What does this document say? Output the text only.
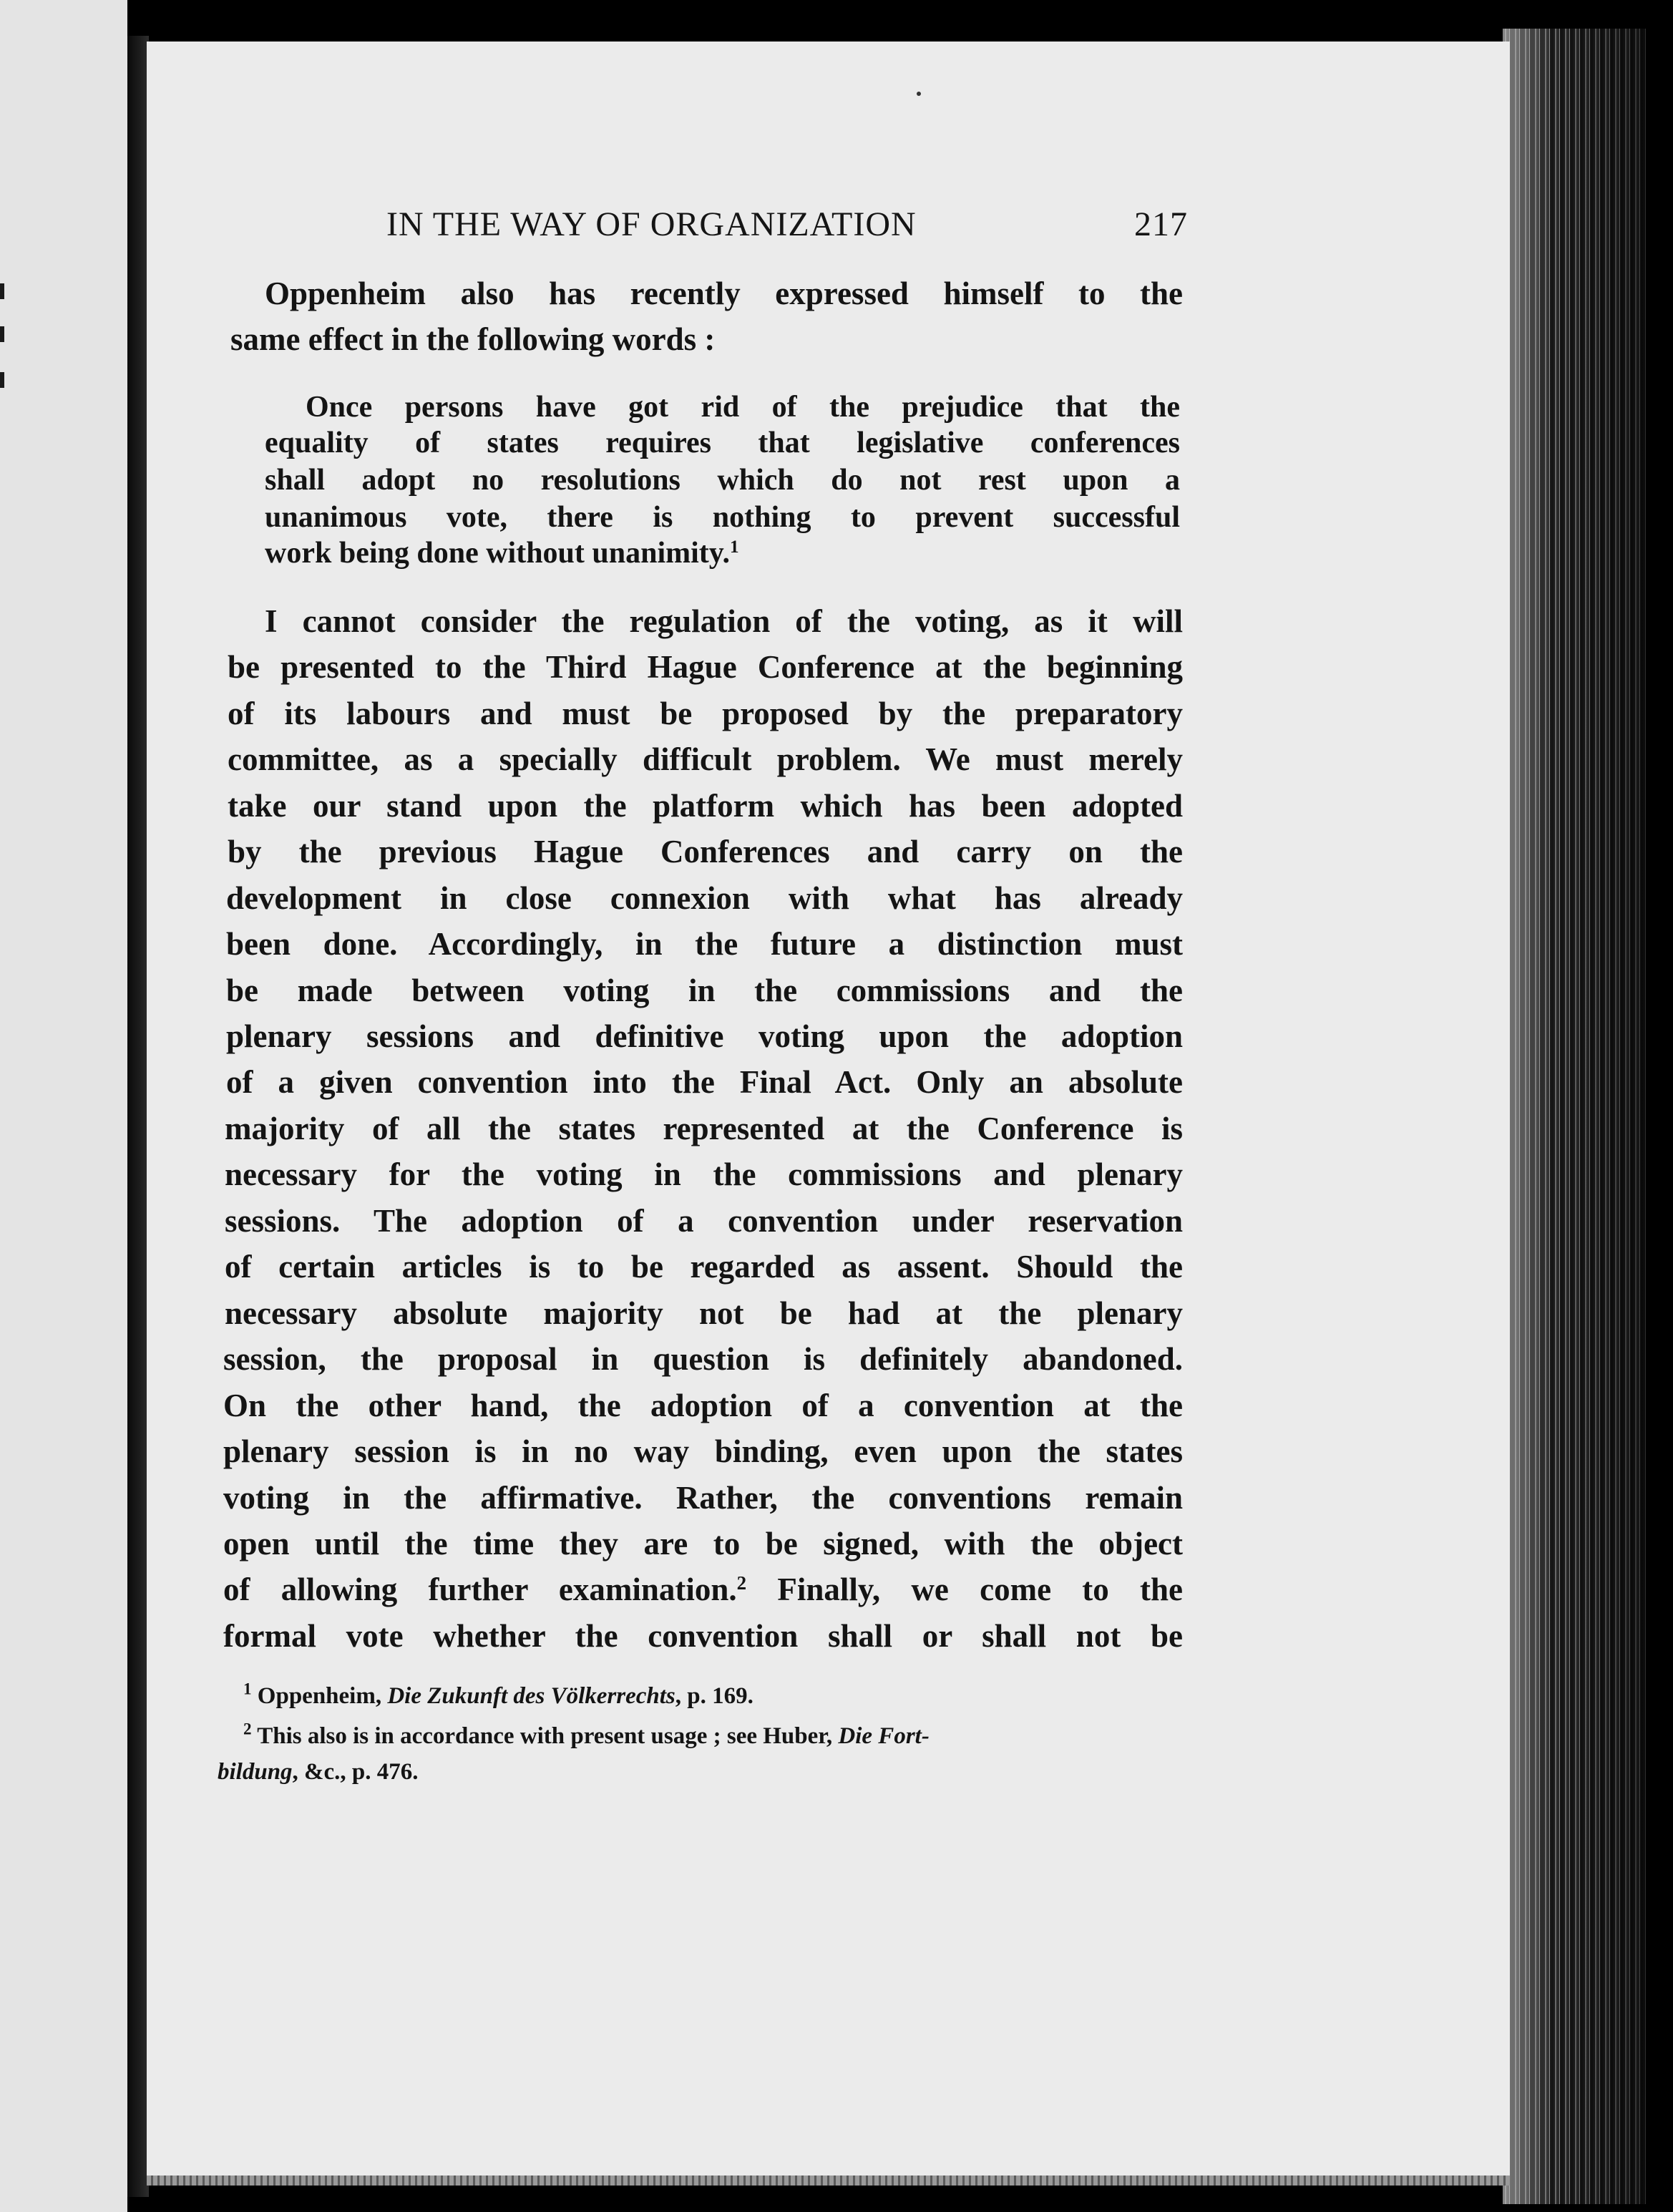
IN THE WAY OF ORGANIZATION	217

Oppenheim also has recently expressed himself to the

same effect in the following words :

Once persons have got rid of the prejudice that the

equality of states requires that legislative conferences

shall adopt no resolutions which do not rest upon a

unanimous vote, there is nothing to prevent successful

work being done without unanimity.$^1$

I cannot consider the regulation of the voting, as it will

be presented to the Third Hague Conference at the beginning

of its labours and must be proposed by the preparatory

committee, as a specially difficult problem. We must merely

take our stand upon the platform which has been adopted

by the previous Hague Conferences and carry on the

development in close connexion with what has already

been done. Accordingly, in the future a distinction must

be made between voting in the commissions and the

plenary sessions and definitive voting upon the adoption

of a given convention into the Final Act. Only an absolute

majority of all the states represented at the Conference is

necessary for the voting in the commissions and plenary

sessions. The adoption of a convention under reservation

of certain articles is to be regarded as assent. Should the

necessary absolute majority not be had at the plenary

session, the proposal in question is definitely abandoned.

On the other hand, the adoption of a convention at the

plenary session is in no way binding, even upon the states

voting in the affirmative. Rather, the conventions remain

open until the time they are to be signed, with the object

of allowing further examination.$^2$ Finally, we come to the

formal vote whether the convention shall or shall not be

$^1$ Oppenheim, Die Zukunft des Völkerrechts, p. 169.

$^2$ This also is in accordance with present usage ; see Huber, Die Fort-

bildung, &c., p. 476.
